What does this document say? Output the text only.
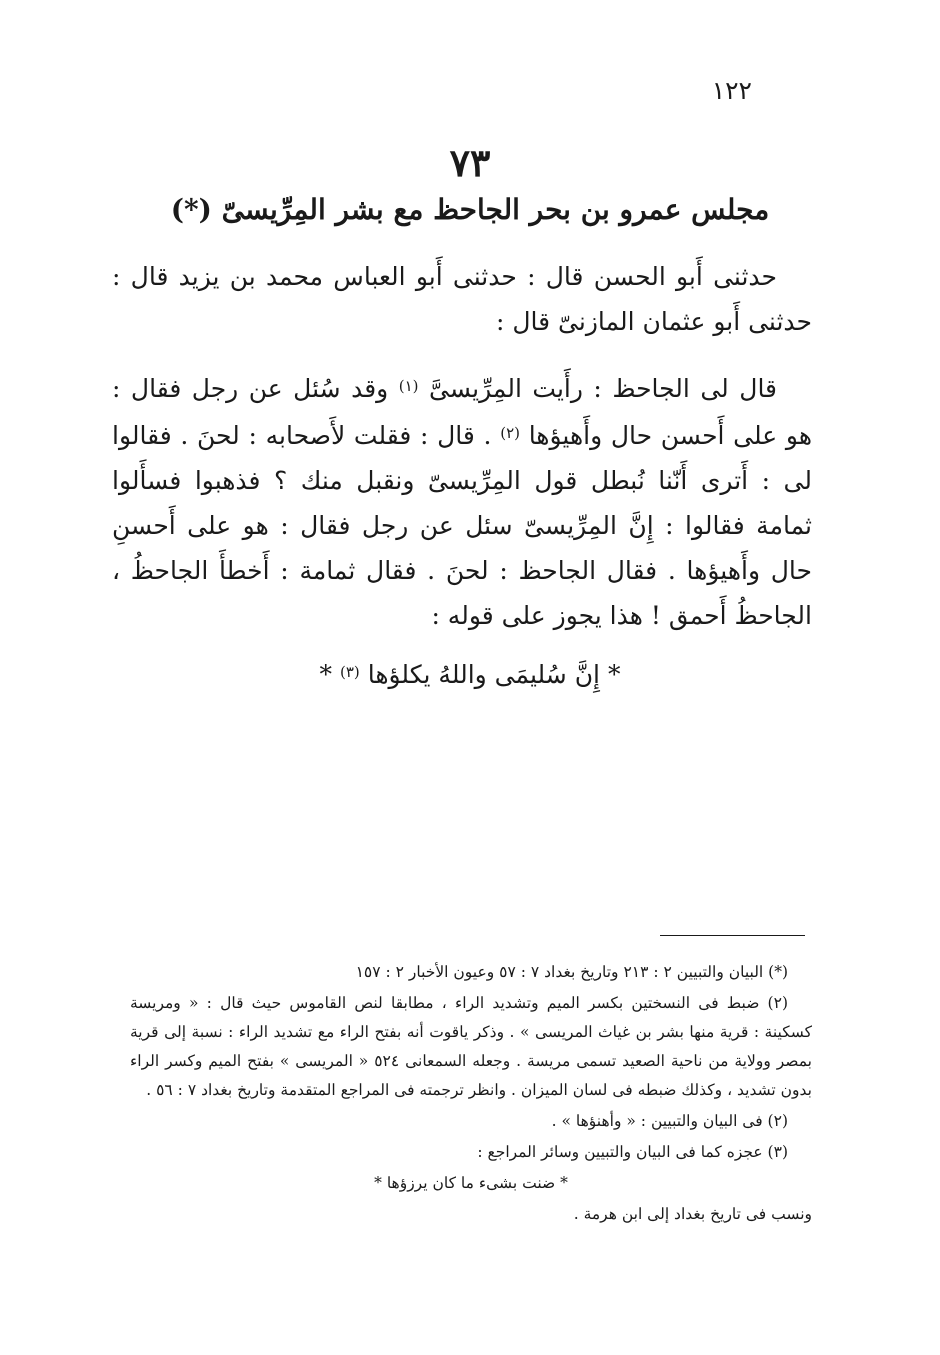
١٢٢
٧٣
مجلس عمرو بن بحر الجاحظ مع بشر المِرِّيسىّ (*)

حدثنى أَبو الحسن قال : حدثنى أَبو العباس محمد بن يزيد قال : حدثنى أَبو عثمان المازنىّ قال :

قال لى الجاحظ : رأَيت المِرِّيسىَّ $^{(١)}$ وقد سُئل عن رجل فقال : هو على أَحسن حال وأَهيؤها $^{(٢)}$ . قال : فقلت لأَصحابه : لحنَ . فقالوا لى : أَترى أَنّنا نُبطل قول المِرِّيسىّ ونقبل منك ؟ فذهبوا فسأَلوا ثمامة فقالوا : إِنَّ المِرِّيسىّ سئل عن رجل فقال : هو على أَحسنِ حال وأَهيؤها . فقال الجاحظ : لحنَ . فقال ثمامة : أَخطأَ الجاحظُ ، الجاحظُ أَحمق ! هذا يجوز على قوله :

* إِنَّ سُليمَى واللهُ يكلؤها $^{(٣)}$ *

(*) البيان والتبيين ٢ : ٢١٣ وتاريخ بغداد ٧ : ٥٧ وعيون الأخبار ٢ : ١٥٧

(٢) ضبط فى النسختين بكسر الميم وتشديد الراء ، مطابقا لنص القاموس حيث قال : « ومريسة كسكينة : قرية منها بشر بن غياث المريسى » . وذكر ياقوت أنه بفتح الراء مع تشديد الراء : نسبة إلى قرية بمصر وولاية من ناحية الصعيد تسمى مريسة . وجعله السمعانى ٥٢٤ « المريسى » بفتح الميم وكسر الراء بدون تشديد ، وكذلك ضبطه فى لسان الميزان . وانظر ترجمته فى المراجع المتقدمة وتاريخ بغداد ٧ : ٥٦ .

(٢) فى البيان والتبيين : « وأهنؤها » .

(٣) عجزه كما فى البيان والتبيين وسائر المراجع :

* ضنت بشىء ما كان يرزؤها *

ونسب فى تاريخ بغداد إلى ابن هرمة .
